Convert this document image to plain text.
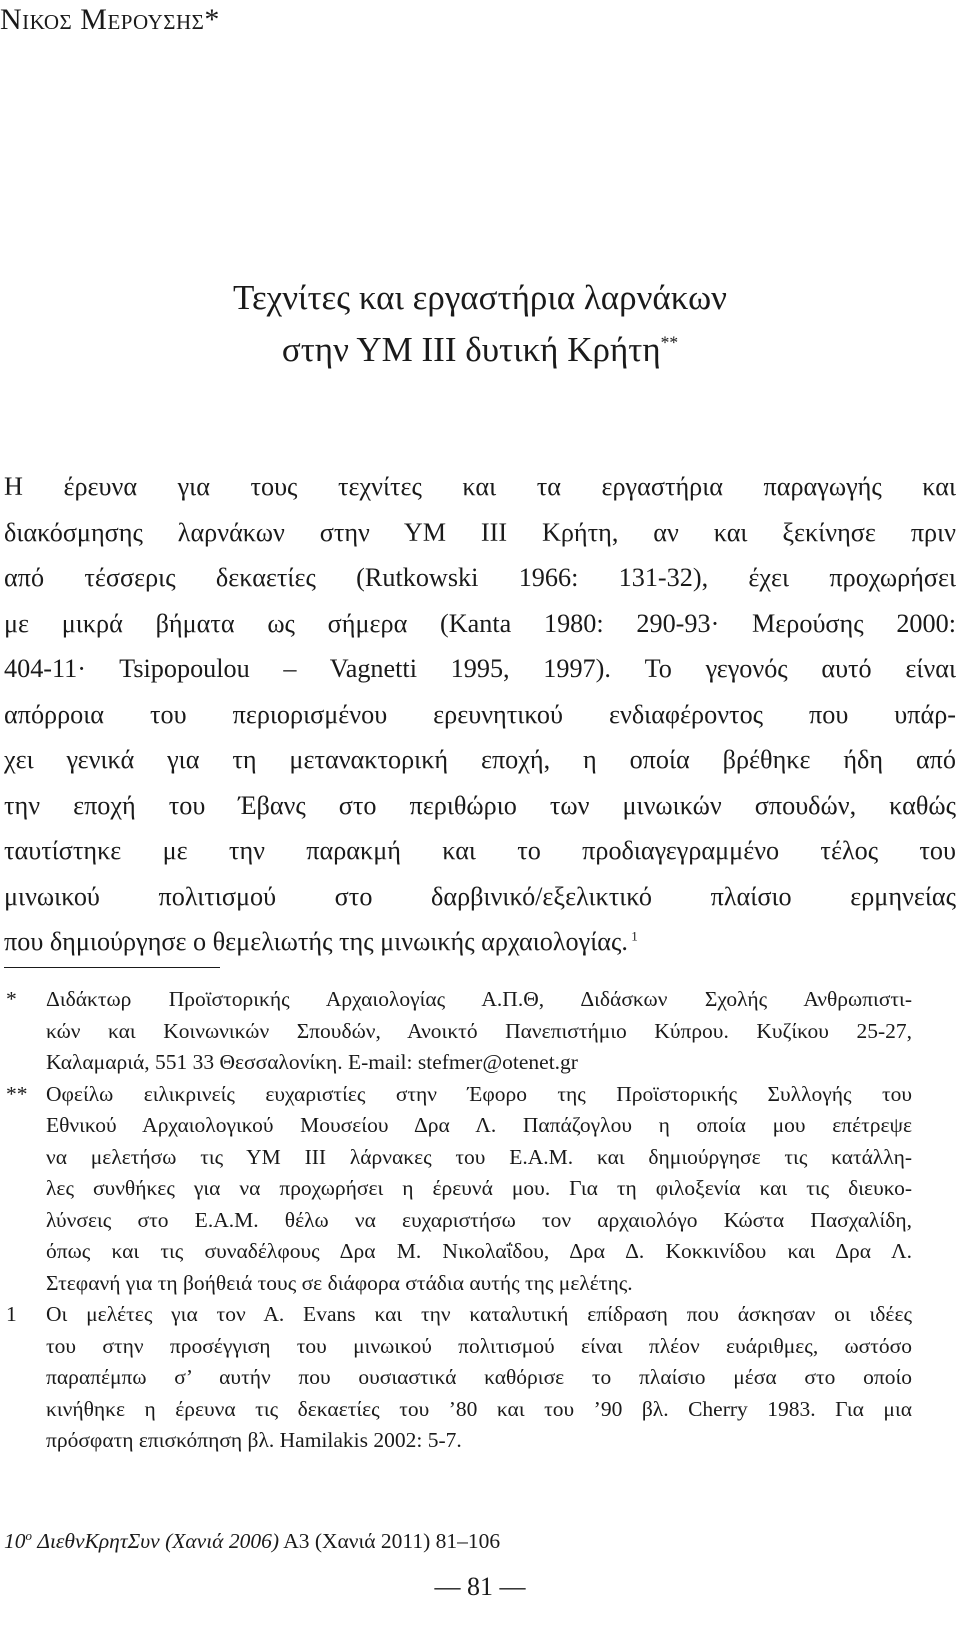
Νικος Μερουσης*
Τεχνίτες και εργαστήρια λαρνάκων
στην ΥΜ ΙΙΙ δυτική Κρήτη**
Η έρευνα για τους τεχνίτες και τα εργαστήρια παραγωγής και
διακόσμησης λαρνάκων στην ΥΜ ΙΙΙ Κρήτη, αν και ξεκίνησε πριν
από τέσσερις δεκαετίες (Rutkowski 1966: 131-32), έχει προχωρήσει
με μικρά βήματα ως σήμερα (Kanta 1980: 290-93· Μερούσης 2000:
404-11· Tsipopoulou – Vagnetti 1995, 1997). Το γεγονός αυτό είναι
απόρροια του περιορισμένου ερευνητικού ενδιαφέροντος που υπάρ-
χει γενικά για τη μετανακτορική εποχή, η οποία βρέθηκε ήδη από
την εποχή του Έβανς στο περιθώριο των μινωικών σπουδών, καθώς
ταυτίστηκε με την παρακμή και το προδιαγεγραμμένο τέλος του
μινωικού πολιτισμού στο δαρβινικό/εξελικτικό πλαίσιο ερμηνείας
που δημιούργησε ο θεμελιωτής της μινωικής αρχαιολογίας. $^1$
* Διδάκτωρ Προϊστορικής Αρχαιολογίας Α.Π.Θ, Διδάσκων Σχολής Ανθρωπιστι-
κών και Κοινωνικών Σπουδών, Ανοικτό Πανεπιστήμιο Κύπρου. Κυζίκου 25-27,
Καλαμαριά, 551 33 Θεσσαλονίκη. E-mail: stefmer@otenet.gr
** Οφείλω ειλικρινείς ευχαριστίες στην Έφορο της Προϊστορικής Συλλογής του
Εθνικού Αρχαιολογικού Μουσείου Δρα Λ. Παπάζογλου η οποία μου επέτρεψε
να μελετήσω τις ΥΜ ΙΙΙ λάρνακες του Ε.Α.Μ. και δημιούργησε τις κατάλλη-
λες συνθήκες για να προχωρήσει η έρευνά μου. Για τη φιλοξενία και τις διευκο-
λύνσεις στο Ε.Α.Μ. θέλω να ευχαριστήσω τον αρχαιολόγο Κώστα Πασχαλίδη,
όπως και τις συναδέλφους Δρα Μ. Νικολαΐδου, Δρα Δ. Κοκκινίδου και Δρα Λ.
Στεφανή για τη βοήθειά τους σε διάφορα στάδια αυτής της μελέτης.
1 Οι μελέτες για τον Α. Evans και την καταλυτική επίδραση που άσκησαν οι ιδέες
του στην προσέγγιση του μινωικού πολιτισμού είναι πλέον ευάριθμες, ωστόσο
παραπέμπω σ’ αυτήν που ουσιαστικά καθόρισε το πλαίσιο μέσα στο οποίο
κινήθηκε η έρευνα τις δεκαετίες του ’80 και του ’90 βλ. Cherry 1983. Για μια
πρόσφατη επισκόπηση βλ. Hamilakis 2002: 5-7.
$10^o$ ΔιεθνΚρητΣυν (Χανιά 2006) Α3 (Χανιά 2011) 81–106
— 81 —
